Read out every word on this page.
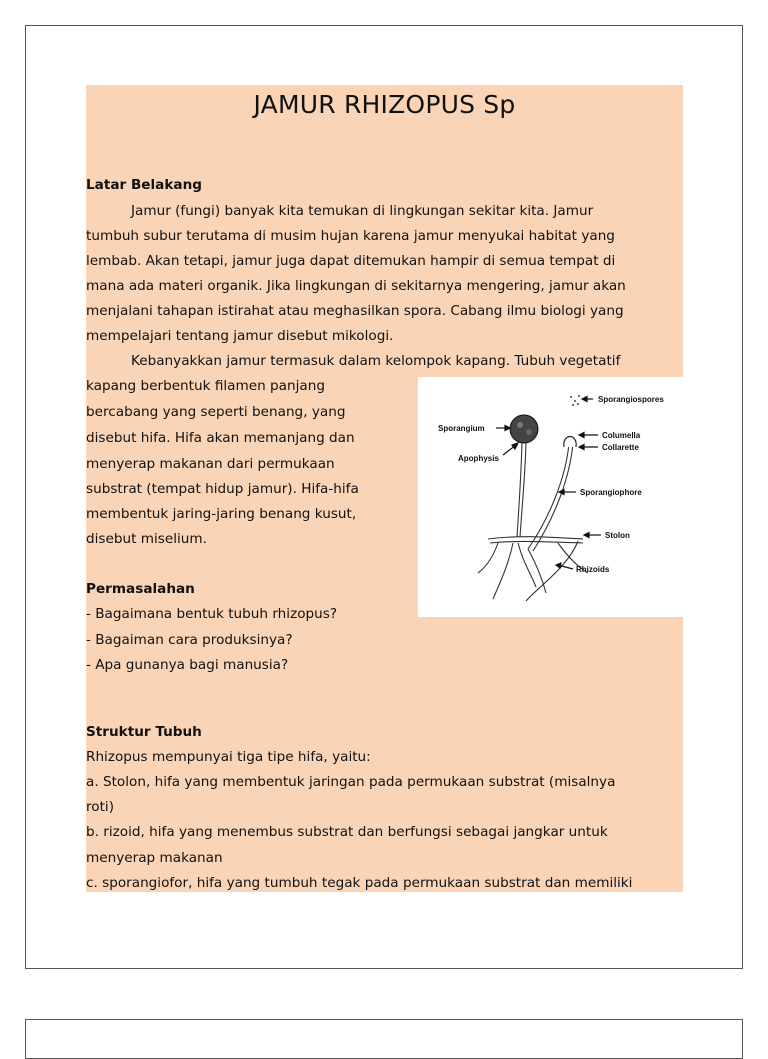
JAMUR RHIZOPUS Sp
Latar Belakang
Jamur (fungi) banyak kita temukan di lingkungan sekitar kita. Jamur
tumbuh subur terutama di musim hujan karena jamur menyukai habitat yang
lembab. Akan tetapi, jamur juga dapat ditemukan hampir di semua tempat di
mana ada materi organik. Jika lingkungan di sekitarnya mengering, jamur akan
menjalani tahapan istirahat atau meghasilkan spora. Cabang ilmu biologi yang
mempelajari tentang jamur disebut mikologi.
Kebanyakkan jamur termasuk dalam kelompok kapang. Tubuh vegetatif
kapang berbentuk filamen panjang
bercabang yang seperti benang, yang
disebut hifa. Hifa akan memanjang dan
menyerap makanan dari permukaan
substrat (tempat hidup jamur). Hifa-hifa
membentuk jaring-jaring benang kusut,
disebut miselium.
Permasalahan
- Bagaimana bentuk tubuh rhizopus?
- Bagaiman cara produksinya?
- Apa gunanya bagi manusia?
Struktur Tubuh
Rhizopus mempunyai tiga tipe hifa, yaitu:
a. Stolon, hifa yang membentuk jaringan pada permukaan substrat (misalnya
roti)
b. rizoid, hifa yang menembus substrat dan berfungsi sebagai jangkar untuk
menyerap makanan
c. sporangiofor, hifa yang tumbuh tegak pada permukaan substrat dan memiliki
Sporangiospores
Sporangium
Columella
Collarette
Apophysis
Sporangiophore
Stolon
Rhizoids
